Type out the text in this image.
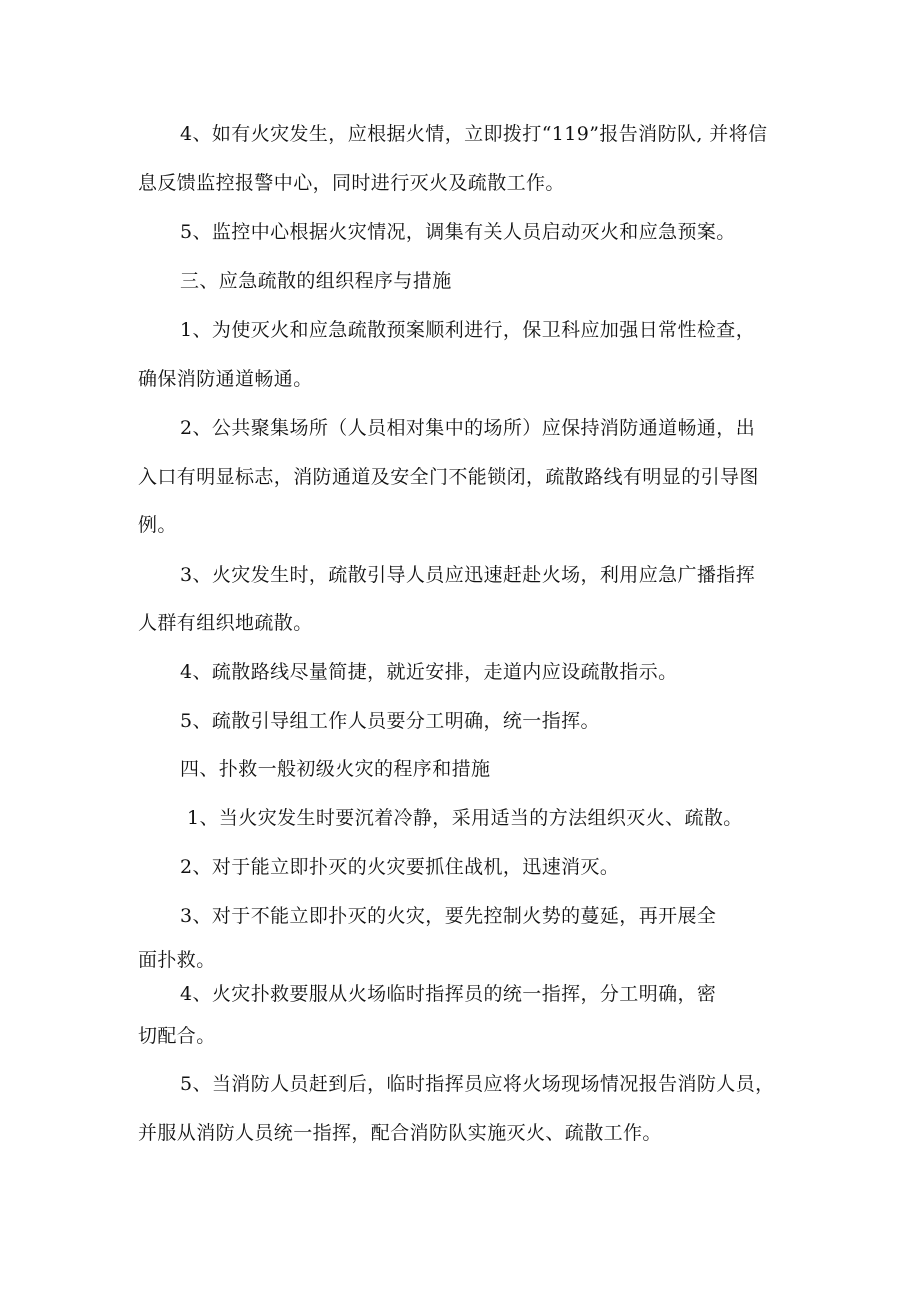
4、如有火灾发生，应根据火情，立即拨打“119”报告消防队, 并将信
息反馈监控报警中心，同时进行灭火及疏散工作。
5、监控中心根据火灾情况，调集有关人员启动灭火和应急预案。
三、应急疏散的组织程序与措施
1、为使灭火和应急疏散预案顺利进行，保卫科应加强日常性检查，
确保消防通道畅通。
2、公共聚集场所（人员相对集中的场所）应保持消防通道畅通，出
入口有明显标志，消防通道及安全门不能锁闭，疏散路线有明显的引导图
例。
3、火灾发生时，疏散引导人员应迅速赶赴火场，利用应急广播指挥
人群有组织地疏散。
4、疏散路线尽量简捷，就近安排，走道内应设疏散指示。
5、疏散引导组工作人员要分工明确，统一指挥。
四、扑救一般初级火灾的程序和措施
1、当火灾发生时要沉着冷静，采用适当的方法组织灭火、疏散。
2、对于能立即扑灭的火灾要抓住战机，迅速消灭。
3、对于不能立即扑灭的火灾，要先控制火势的蔓延，再开展全
面扑救。
4、火灾扑救要服从火场临时指挥员的统一指挥，分工明确，密
切配合。
5、当消防人员赶到后，临时指挥员应将火场现场情况报告消防人员，
并服从消防人员统一指挥，配合消防队实施灭火、疏散工作。
